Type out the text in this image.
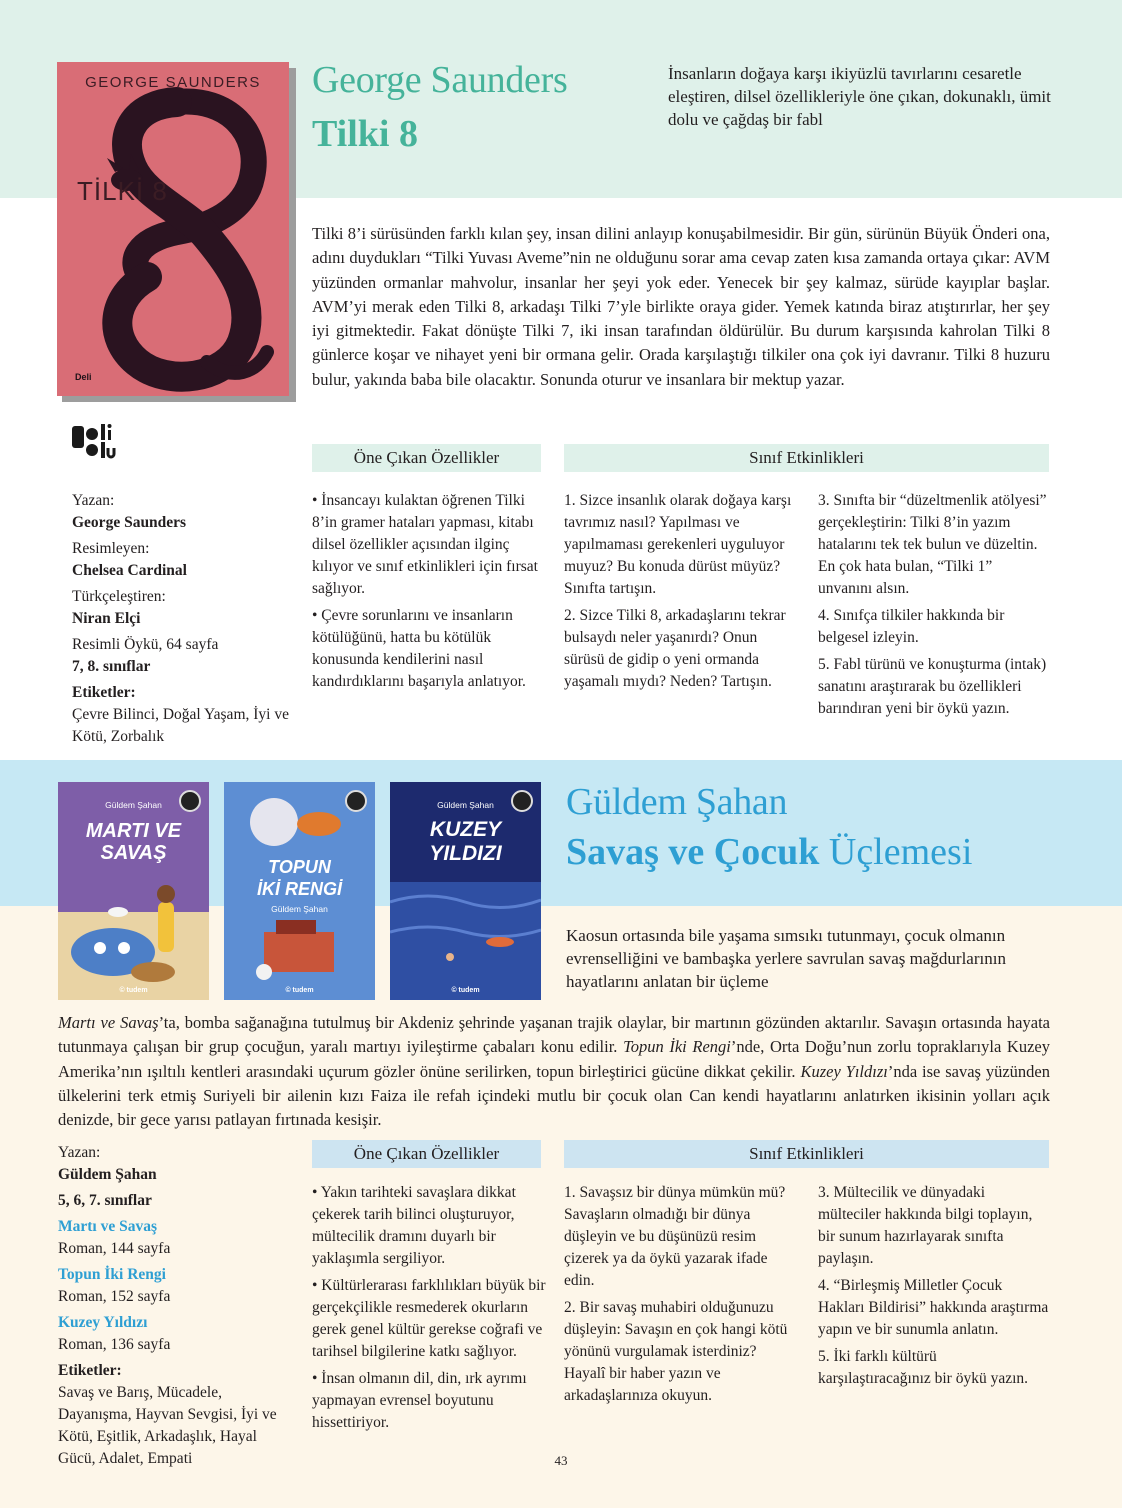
GEORGE SAUNDERS
TİLKİ 8
Deli
George Saunders
Tilki 8
İnsanların doğaya karşı ikiyüzlü tavırlarını cesaretle eleştiren, dilsel özellikleriyle öne çıkan, dokunaklı, ümit dolu ve çağdaş bir fabl
Tilki 8’i sürüsünden farklı kılan şey, insan dilini anlayıp konuşabilmesidir. Bir gün, sürünün Büyük Önderi ona, adını duydukları “Tilki Yuvası Aveme”nin ne olduğunu sorar ama cevap zaten kısa zamanda ortaya çıkar: AVM yüzünden ormanlar mahvolur, insanlar her şeyi yok eder. Yenecek bir şey kalmaz, sürüde kayıplar başlar. AVM’yi merak eden Tilki 8, arkadaşı Tilki 7’yle birlikte oraya gider. Yemek katında biraz atıştırırlar, her şey iyi gitmektedir. Fakat dönüşte Tilki 7, iki insan tarafından öldürülür. Bu durum karşısında kahrolan Tilki 8 günlerce koşar ve nihayet yeni bir ormana gelir. Orada karşılaştığı tilkiler ona çok iyi davranır. Tilki 8 huzuru bulur, yakında baba bile olacaktır. Sonunda oturur ve insanlara bir mektup yazar.
Yazan:
George Saunders
Resimleyen:
Chelsea Cardinal
Türkçeleştiren:
Niran Elçi
Resimli Öykü, 64 sayfa
7, 8. sınıflar
Etiketler:
Çevre Bilinci, Doğal Yaşam, İyi ve Kötü, Zorbalık
Öne Çıkan Özellikler	Sınıf Etkinlikleri

• İnsancayı kulaktan öğrenen Tilki 8’in gramer hataları yapması, kitabı dilsel özellikler açısından ilginç kılıyor ve sınıf etkinlikleri için fırsat sağlıyor.

• Çevre sorunlarını ve insanların kötülüğünü, hatta bu kötülük konusunda kendilerini nasıl kandırdıklarını başarıyla anlatıyor.

1. Sizce insanlık olarak doğaya karşı tavrımız nasıl? Yapılması ve yapılmaması gerekenleri uyguluyor muyuz? Bu konuda dürüst müyüz? Sınıfta tartışın.

2. Sizce Tilki 8, arkadaşlarını tekrar bulsaydı neler yaşanırdı? Onun sürüsü de gidip o yeni ormanda yaşamalı mıydı? Neden? Tartışın.

3. Sınıfta bir “düzeltmenlik atölyesi” gerçekleştirin: Tilki 8’in yazım hatalarını tek tek bulun ve düzeltin. En çok hata bulan, “Tilki 1” unvanını alsın.

4. Sınıfça tilkiler hakkında bir belgesel izleyin.

5. Fabl türünü ve konuşturma (intak) sanatını araştırarak bu özellikleri barındıran yeni bir öykü yazın.

Güldem Şahan
MARTI VE
SAVAŞ
© tudem
TOPUN
İKİ RENGİ
Güldem Şahan
© tudem
Güldem Şahan
KUZEY
YILDIZI
© tudem
Güldem Şahan
Savaş ve Çocuk Üçlemesi
Kaosun ortasında bile yaşama sımsıkı tutunmayı, çocuk olmanın evrenselliğini ve bambaşka yerlere savrulan savaş mağdurlarının hayatlarını anlatan bir üçleme
Martı ve Savaş’ta, bomba sağanağına tutulmuş bir Akdeniz şehrinde yaşanan trajik olaylar, bir martının gözünden aktarılır. Savaşın ortasında hayata tutunmaya çalışan bir grup çocuğun, yaralı martıyı iyileştirme çabaları konu edilir. Topun İki Rengi’nde, Orta Doğu’nun zorlu topraklarıyla Kuzey Amerika’nın ışıltılı kentleri arasındaki uçurum gözler önüne serilirken, topun birleştirici gücüne dikkat çekilir. Kuzey Yıldızı’nda ise savaş yüzünden ülkelerini terk etmiş Suriyeli bir ailenin kızı Faiza ile refah içindeki mutlu bir çocuk olan Can kendi hayatlarını anlatırken ikisinin yolları açık denizde, bir gece yarısı patlayan fırtınada kesişir.
Yazan:
Güldem Şahan
5, 6, 7. sınıflar
Martı ve Savaş
Roman, 144 sayfa
Topun İki Rengi
Roman, 152 sayfa
Kuzey Yıldızı
Roman, 136 sayfa
Etiketler:
Savaş ve Barış, Mücadele, Dayanışma, Hayvan Sevgisi, İyi ve Kötü, Eşitlik, Arkadaşlık, Hayal Gücü, Adalet, Empati
Öne Çıkan Özellikler	Sınıf Etkinlikleri

• Yakın tarihteki savaşlara dikkat çekerek tarih bilinci oluşturuyor, mültecilik dramını duyarlı bir yaklaşımla sergiliyor.

• Kültürlerarası farklılıkları büyük bir gerçekçilikle resmederek okurların gerek genel kültür gerekse coğrafi ve tarihsel bilgilerine katkı sağlıyor.

• İnsan olmanın dil, din, ırk ayrımı yapmayan evrensel boyutunu hissettiriyor.

1. Savaşsız bir dünya mümkün mü? Savaşların olmadığı bir dünya düşleyin ve bu düşünüzü resim çizerek ya da öykü yazarak ifade edin.

2. Bir savaş muhabiri olduğunuzu düşleyin: Savaşın en çok hangi kötü yönünü vurgulamak isterdiniz? Hayalî bir haber yazın ve arkadaşlarınıza okuyun.

3. Mültecilik ve dünyadaki mülteciler hakkında bilgi toplayın, bir sunum hazırlayarak sınıfta paylaşın.

4. “Birleşmiş Milletler Çocuk Hakları Bildirisi” hakkında araştırma yapın ve bir sunumla anlatın.

5. İki farklı kültürü karşılaştıracağınız bir öykü yazın.

43
